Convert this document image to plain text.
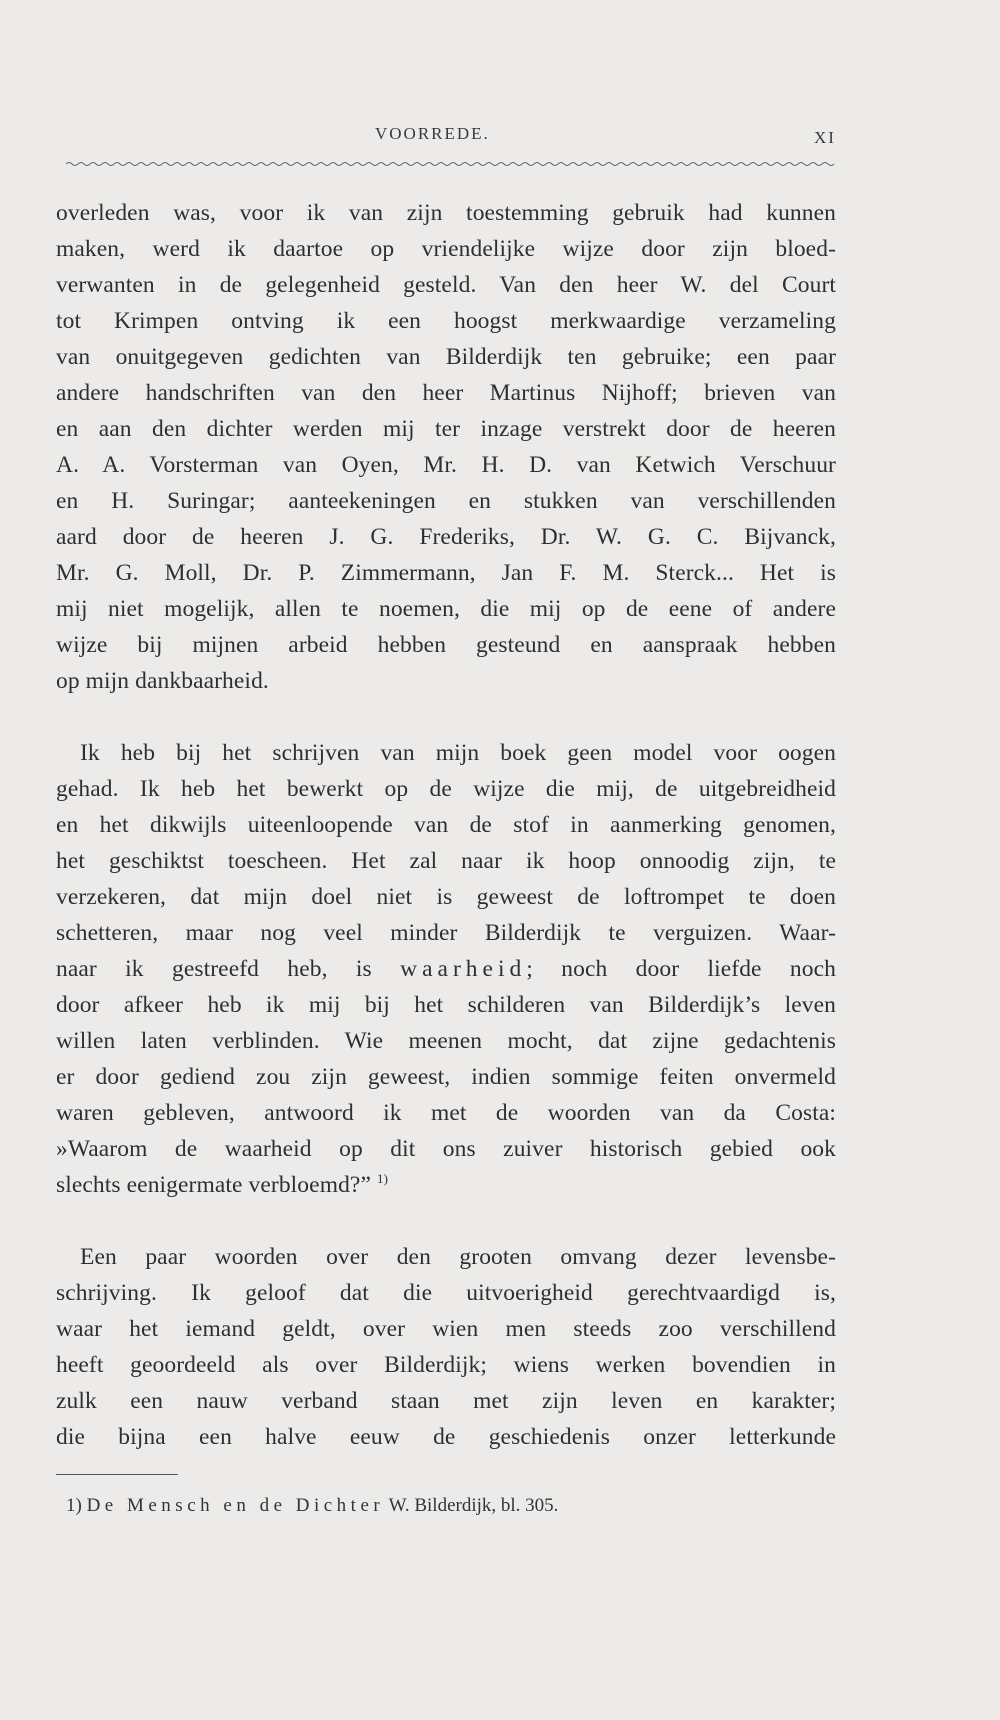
VOORREDE.	XI
overleden was, voor ik van zijn toestemming gebruik had kunnen
maken, werd ik daartoe op vriendelijke wijze door zijn bloed-
verwanten in de gelegenheid gesteld. Van den heer W. del Court
tot Krimpen ontving ik een hoogst merkwaardige verzameling
van onuitgegeven gedichten van Bilderdijk ten gebruike; een paar
andere handschriften van den heer Martinus Nijhoff; brieven van
en aan den dichter werden mij ter inzage verstrekt door de heeren
A. A. Vorsterman van Oyen, Mr. H. D. van Ketwich Verschuur
en H. Suringar; aanteekeningen en stukken van verschillenden
aard door de heeren J. G. Frederiks, Dr. W. G. C. Bijvanck,
Mr. G. Moll, Dr. P. Zimmermann, Jan F. M. Sterck... Het is
mij niet mogelijk, allen te noemen, die mij op de eene of andere
wijze bij mijnen arbeid hebben gesteund en aanspraak hebben
op mijn dankbaarheid.
Ik heb bij het schrijven van mijn boek geen model voor oogen
gehad. Ik heb het bewerkt op de wijze die mij, de uitgebreidheid
en het dikwijls uiteenloopende van de stof in aanmerking genomen,
het geschiktst toescheen. Het zal naar ik hoop onnoodig zijn, te
verzekeren, dat mijn doel niet is geweest de loftrompet te doen
schetteren, maar nog veel minder Bilderdijk te verguizen. Waar-
naar ik gestreefd heb, is waarheid; noch door liefde noch
door afkeer heb ik mij bij het schilderen van Bilderdijk’s leven
willen laten verblinden. Wie meenen mocht, dat zijne gedachtenis
er door gediend zou zijn geweest, indien sommige feiten onvermeld
waren gebleven, antwoord ik met de woorden van da Costa:
»Waarom de waarheid op dit ons zuiver historisch gebied ook
slechts eenigermate verbloemd?” $^{1)}$
Een paar woorden over den grooten omvang dezer levensbe-
schrijving. Ik geloof dat die uitvoerigheid gerechtvaardigd is,
waar het iemand geldt, over wien men steeds zoo verschillend
heeft geoordeeld als over Bilderdijk; wiens werken bovendien in
zulk een nauw verband staan met zijn leven en karakter;
die bijna een halve eeuw de geschiedenis onzer letterkunde
1) De Mensch en de Dichter W. Bilderdijk, bl. 305.
